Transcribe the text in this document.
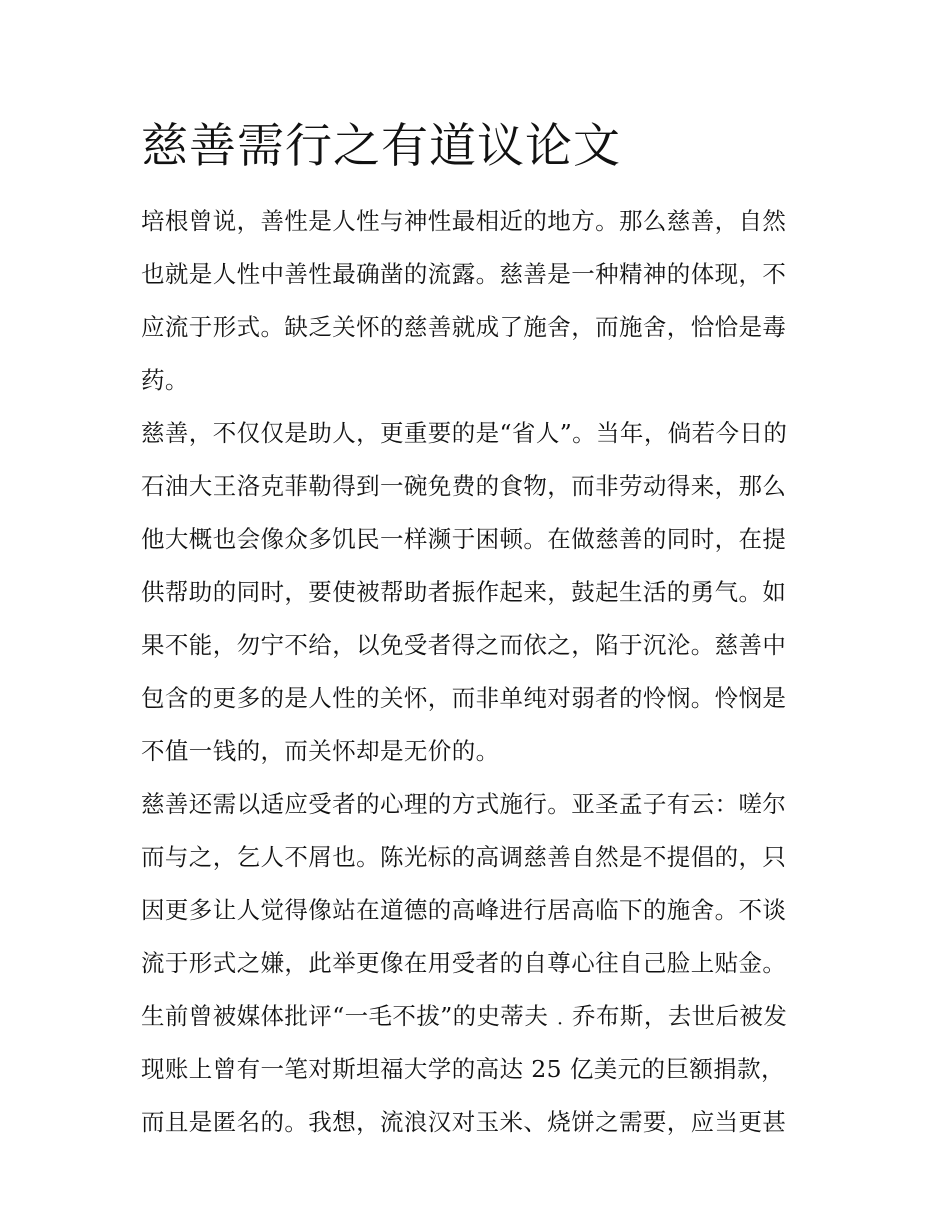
慈善需行之有道议论文
培根曾说，善性是人性与神性最相近的地方。那么慈善，自然
也就是人性中善性最确凿的流露。慈善是一种精神的体现，不
应流于形式。缺乏关怀的慈善就成了施舍，而施舍，恰恰是毒
药。
慈善，不仅仅是助人，更重要的是“省人”。当年，倘若今日的
石油大王洛克菲勒得到一碗免费的食物，而非劳动得来，那么
他大概也会像众多饥民一样濒于困顿。在做慈善的同时，在提
供帮助的同时，要使被帮助者振作起来，鼓起生活的勇气。如
果不能，勿宁不给，以免受者得之而依之，陷于沉沦。慈善中
包含的更多的是人性的关怀，而非单纯对弱者的怜悯。怜悯是
不值一钱的，而关怀却是无价的。
慈善还需以适应受者的心理的方式施行。亚圣孟子有云：嗟尔
而与之，乞人不屑也。陈光标的高调慈善自然是不提倡的，只
因更多让人觉得像站在道德的高峰进行居高临下的施舍。不谈
流于形式之嫌，此举更像在用受者的自尊心往自己脸上贴金。
生前曾被媒体批评“一毛不拔”的史蒂夫﹒乔布斯，去世后被发
现账上曾有一笔对斯坦福大学的高达 25 亿美元的巨额捐款，
而且是匿名的。我想，流浪汉对玉米、烧饼之需要，应当更甚
